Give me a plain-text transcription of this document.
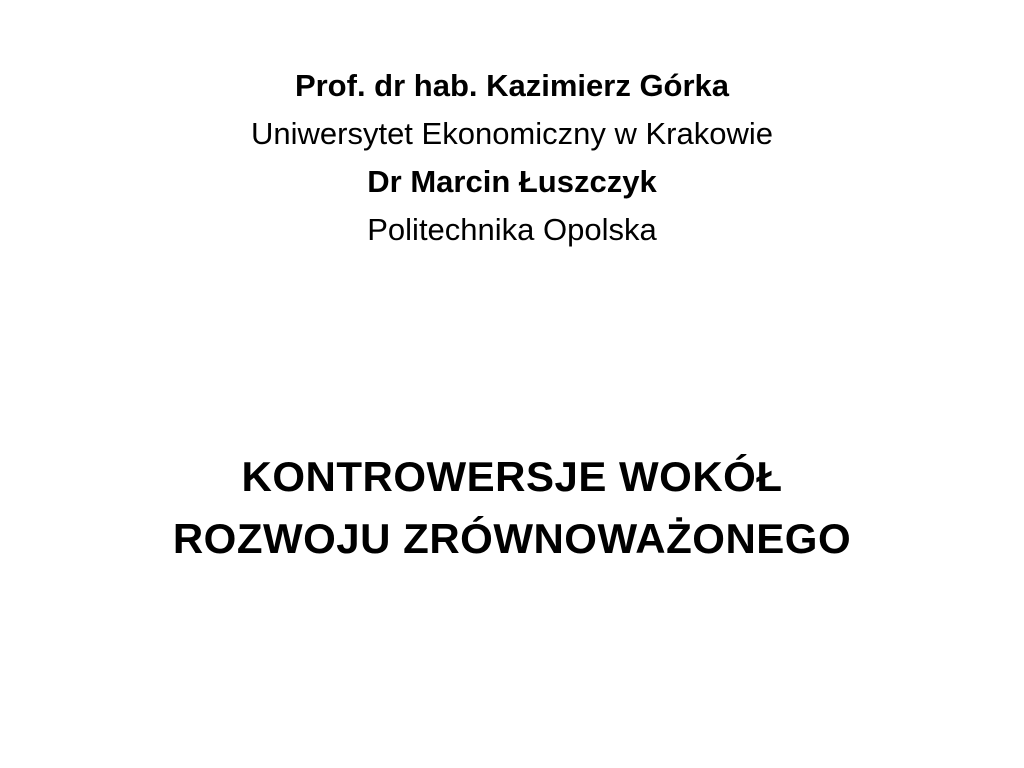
Prof. dr hab. Kazimierz Górka
Uniwersytet Ekonomiczny w Krakowie
Dr Marcin Łuszczyk
Politechnika Opolska
KONTROWERSJE WOKÓŁ
ROZWOJU ZRÓWNOWAŻONEGO
